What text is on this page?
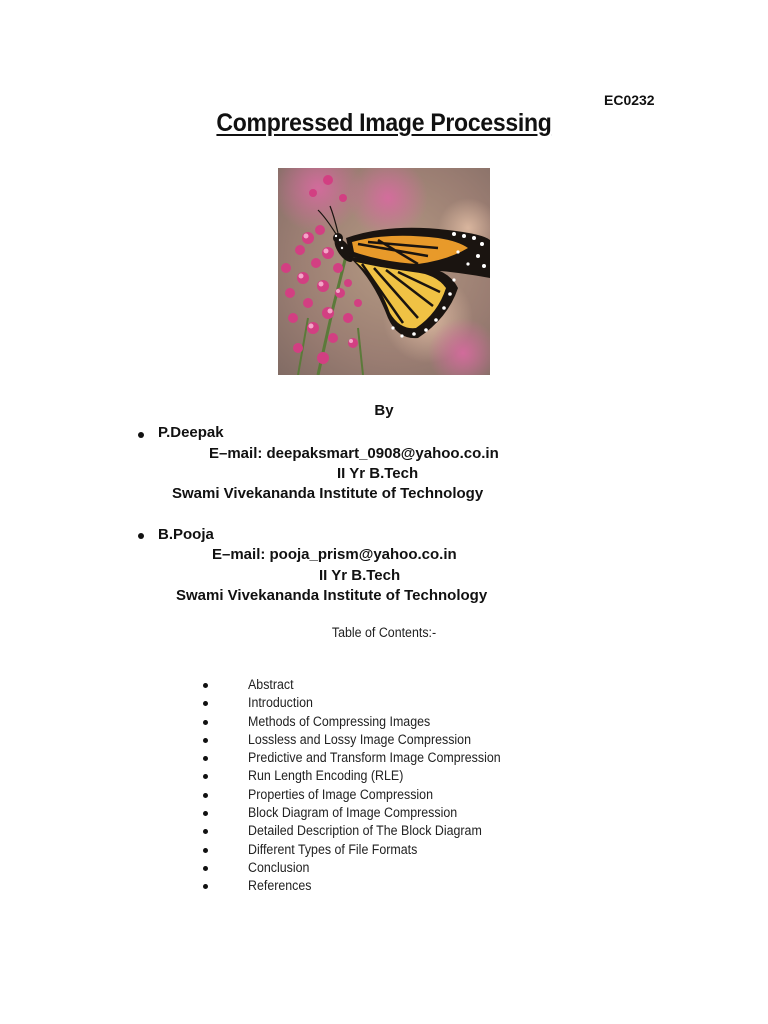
EC0232
Compressed Image Processing
By
P.Deepak
E–mail: deepaksmart_0908@yahoo.co.in
II Yr B.Tech
Swami Vivekananda Institute of Technology
B.Pooja
E–mail: pooja_prism@yahoo.co.in
II Yr B.Tech
Swami Vivekananda Institute of Technology
Table of Contents:-
Abstract
Introduction
Methods of Compressing Images
Lossless and Lossy Image Compression
Predictive and Transform Image Compression
Run Length Encoding (RLE)
Properties of Image Compression
Block Diagram of Image Compression
Detailed Description of The Block Diagram
Different Types of File Formats
Conclusion
References
